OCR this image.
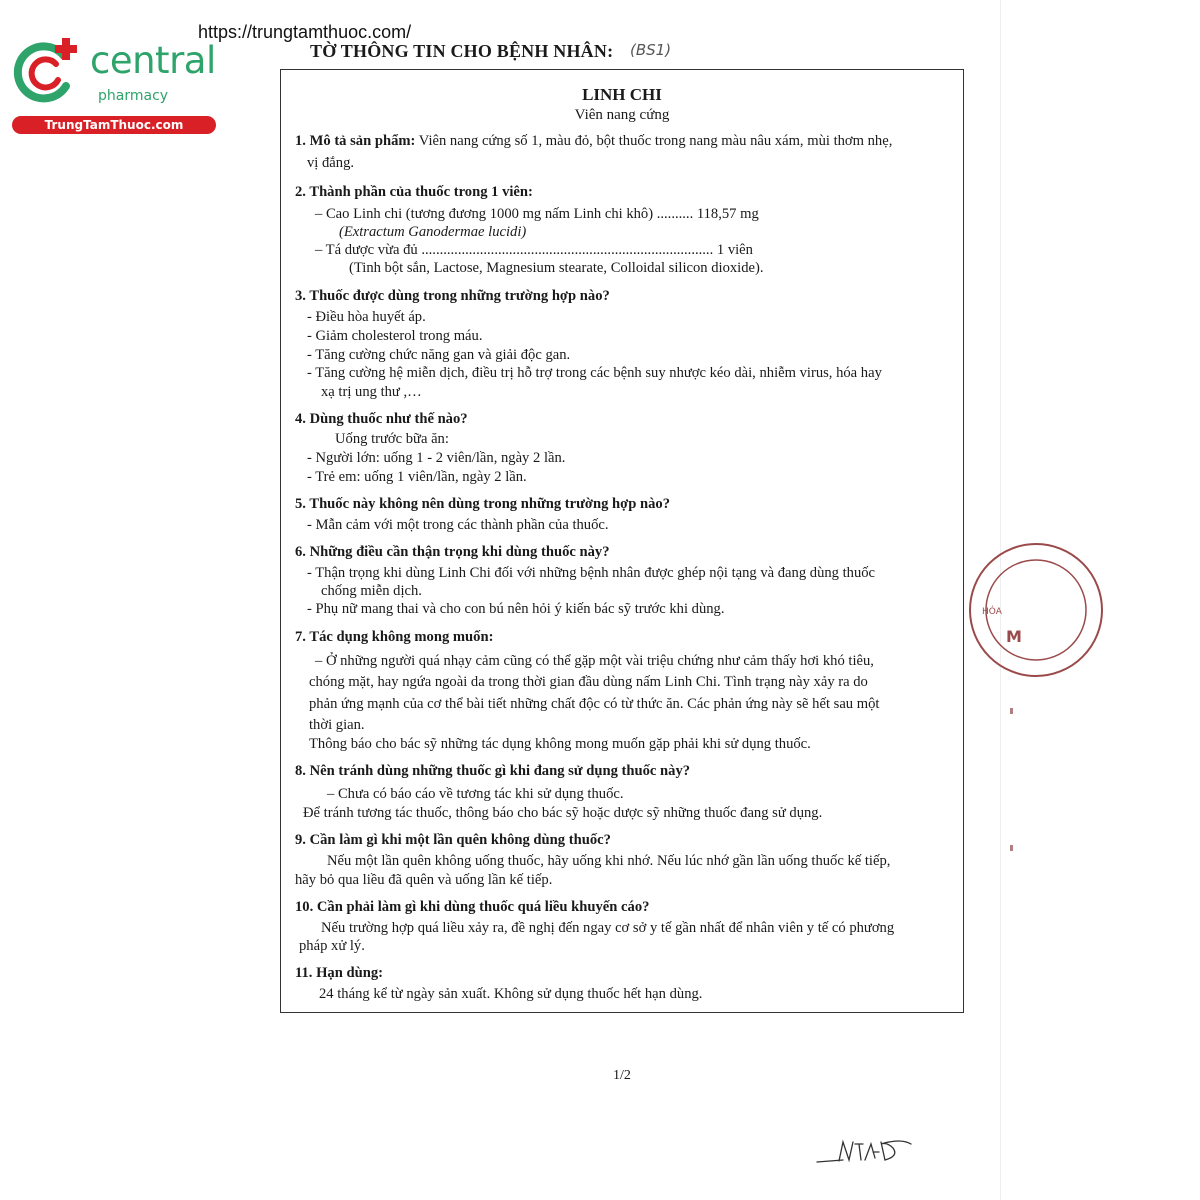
central
pharmacy
TrungTamThuoc.com
https://trungtamthuoc.com/
TỜ THÔNG TIN CHO BỆNH NHÂN: (BS1)
LINH CHI
Viên nang cứng
1. Mô tả sản phẩm: Viên nang cứng số 1, màu đỏ, bột thuốc trong nang màu nâu xám, mùi thơm nhẹ,
vị đắng.
2. Thành phần của thuốc trong 1 viên:
– Cao Linh chi (tương đương 1000 mg nấm Linh chi khô) .......... 118,57 mg
(Extractum Ganodermae lucidi)
– Tá dược vừa đủ ................................................................................ 1 viên
(Tinh bột sắn, Lactose, Magnesium stearate, Colloidal silicon dioxide).
3. Thuốc được dùng trong những trường hợp nào?
- Điều hòa huyết áp.
- Giảm cholesterol trong máu.
- Tăng cường chức năng gan và giải độc gan.
- Tăng cường hệ miễn dịch, điều trị hỗ trợ trong các bệnh suy nhược kéo dài, nhiễm virus, hóa hay
xạ trị ung thư ,…
4. Dùng thuốc như thế nào?
Uống trước bữa ăn:
- Người lớn: uống 1 - 2 viên/lần, ngày 2 lần.
- Trẻ em: uống 1 viên/lần, ngày 2 lần.
5. Thuốc này không nên dùng trong những trường hợp nào?
- Mẫn cảm với một trong các thành phần của thuốc.
6. Những điều cần thận trọng khi dùng thuốc này?
- Thận trọng khi dùng Linh Chi đối với những bệnh nhân được ghép nội tạng và đang dùng thuốc
chống miễn dịch.
- Phụ nữ mang thai và cho con bú nên hỏi ý kiến bác sỹ trước khi dùng.
7. Tác dụng không mong muốn:
– Ở những người quá nhạy cảm cũng có thể gặp một vài triệu chứng như cảm thấy hơi khó tiêu,
chóng mặt, hay ngứa ngoài da trong thời gian đầu dùng nấm Linh Chi. Tình trạng này xảy ra do
phản ứng mạnh của cơ thể bài tiết những chất độc có từ thức ăn. Các phản ứng này sẽ hết sau một
thời gian.
Thông báo cho bác sỹ những tác dụng không mong muốn gặp phải khi sử dụng thuốc.
8. Nên tránh dùng những thuốc gì khi đang sử dụng thuốc này?
– Chưa có báo cáo về tương tác khi sử dụng thuốc.
Để tránh tương tác thuốc, thông báo cho bác sỹ hoặc dược sỹ những thuốc đang sử dụng.
9. Cần làm gì khi một lần quên không dùng thuốc?
Nếu một lần quên không uống thuốc, hãy uống khi nhớ. Nếu lúc nhớ gần lần uống thuốc kế tiếp,
hãy bỏ qua liều đã quên và uống lần kế tiếp.
10. Cần phải làm gì khi dùng thuốc quá liều khuyến cáo?
Nếu trường hợp quá liều xảy ra, đề nghị đến ngay cơ sở y tế gần nhất để nhân viên y tế có phương
pháp xử lý.
11. Hạn dùng:
24 tháng kể từ ngày sản xuất. Không sử dụng thuốc hết hạn dùng.
HÓA
M
1/2
